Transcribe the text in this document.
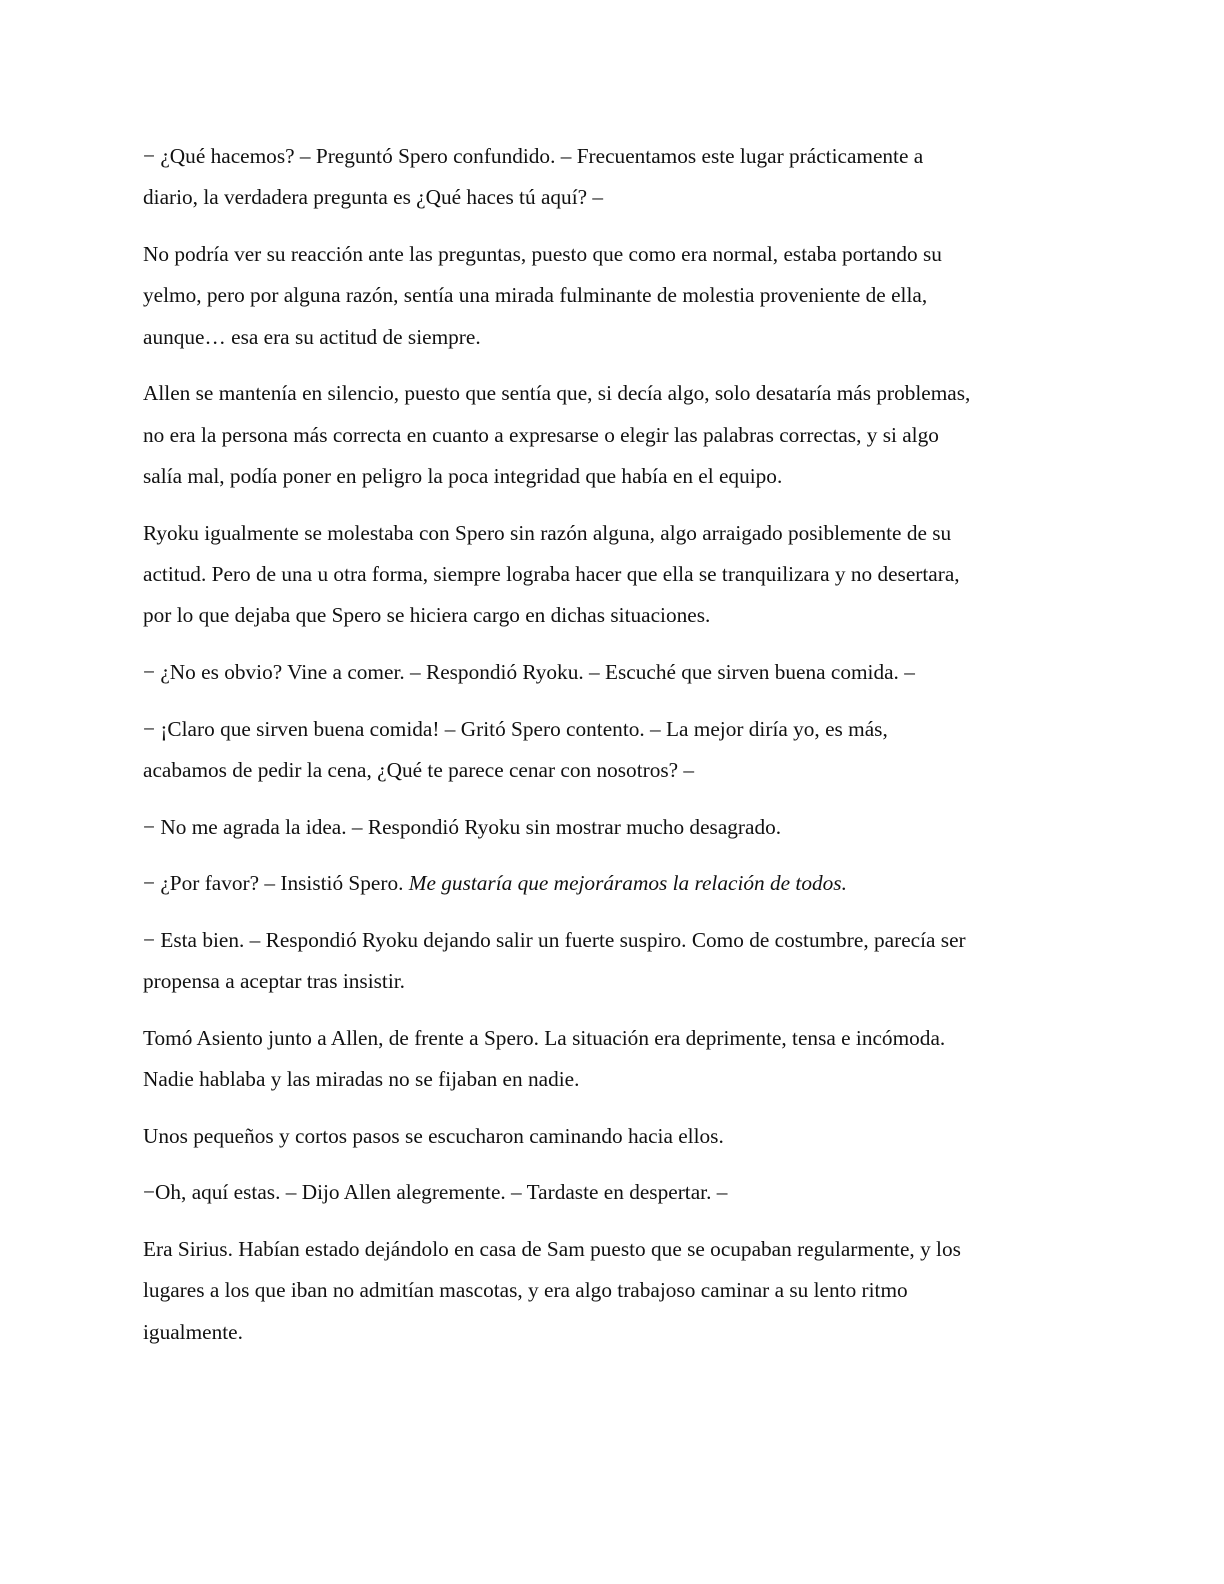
− ¿Qué hacemos? – Preguntó Spero confundido. – Frecuentamos este lugar prácticamente a
diario, la verdadera pregunta es ¿Qué haces tú aquí? –

No podría ver su reacción ante las preguntas, puesto que como era normal, estaba portando su
yelmo, pero por alguna razón, sentía una mirada fulminante de molestia proveniente de ella,
aunque… esa era su actitud de siempre.

Allen se mantenía en silencio, puesto que sentía que, si decía algo, solo desataría más problemas,
no era la persona más correcta en cuanto a expresarse o elegir las palabras correctas, y si algo
salía mal, podía poner en peligro la poca integridad que había en el equipo.

Ryoku igualmente se molestaba con Spero sin razón alguna, algo arraigado posiblemente de su
actitud. Pero de una u otra forma, siempre lograba hacer que ella se tranquilizara y no desertara,
por lo que dejaba que Spero se hiciera cargo en dichas situaciones.

− ¿No es obvio? Vine a comer. – Respondió Ryoku. – Escuché que sirven buena comida. –

− ¡Claro que sirven buena comida! – Gritó Spero contento. – La mejor diría yo, es más,
acabamos de pedir la cena, ¿Qué te parece cenar con nosotros? –

− No me agrada la idea. – Respondió Ryoku sin mostrar mucho desagrado.

− ¿Por favor? – Insistió Spero. Me gustaría que mejoráramos la relación de todos.

− Esta bien. – Respondió Ryoku dejando salir un fuerte suspiro. Como de costumbre, parecía ser
propensa a aceptar tras insistir.

Tomó Asiento junto a Allen, de frente a Spero. La situación era deprimente, tensa e incómoda.
Nadie hablaba y las miradas no se fijaban en nadie.

Unos pequeños y cortos pasos se escucharon caminando hacia ellos.

−Oh, aquí estas. – Dijo Allen alegremente. – Tardaste en despertar. –

Era Sirius. Habían estado dejándolo en casa de Sam puesto que se ocupaban regularmente, y los
lugares a los que iban no admitían mascotas, y era algo trabajoso caminar a su lento ritmo
igualmente.
